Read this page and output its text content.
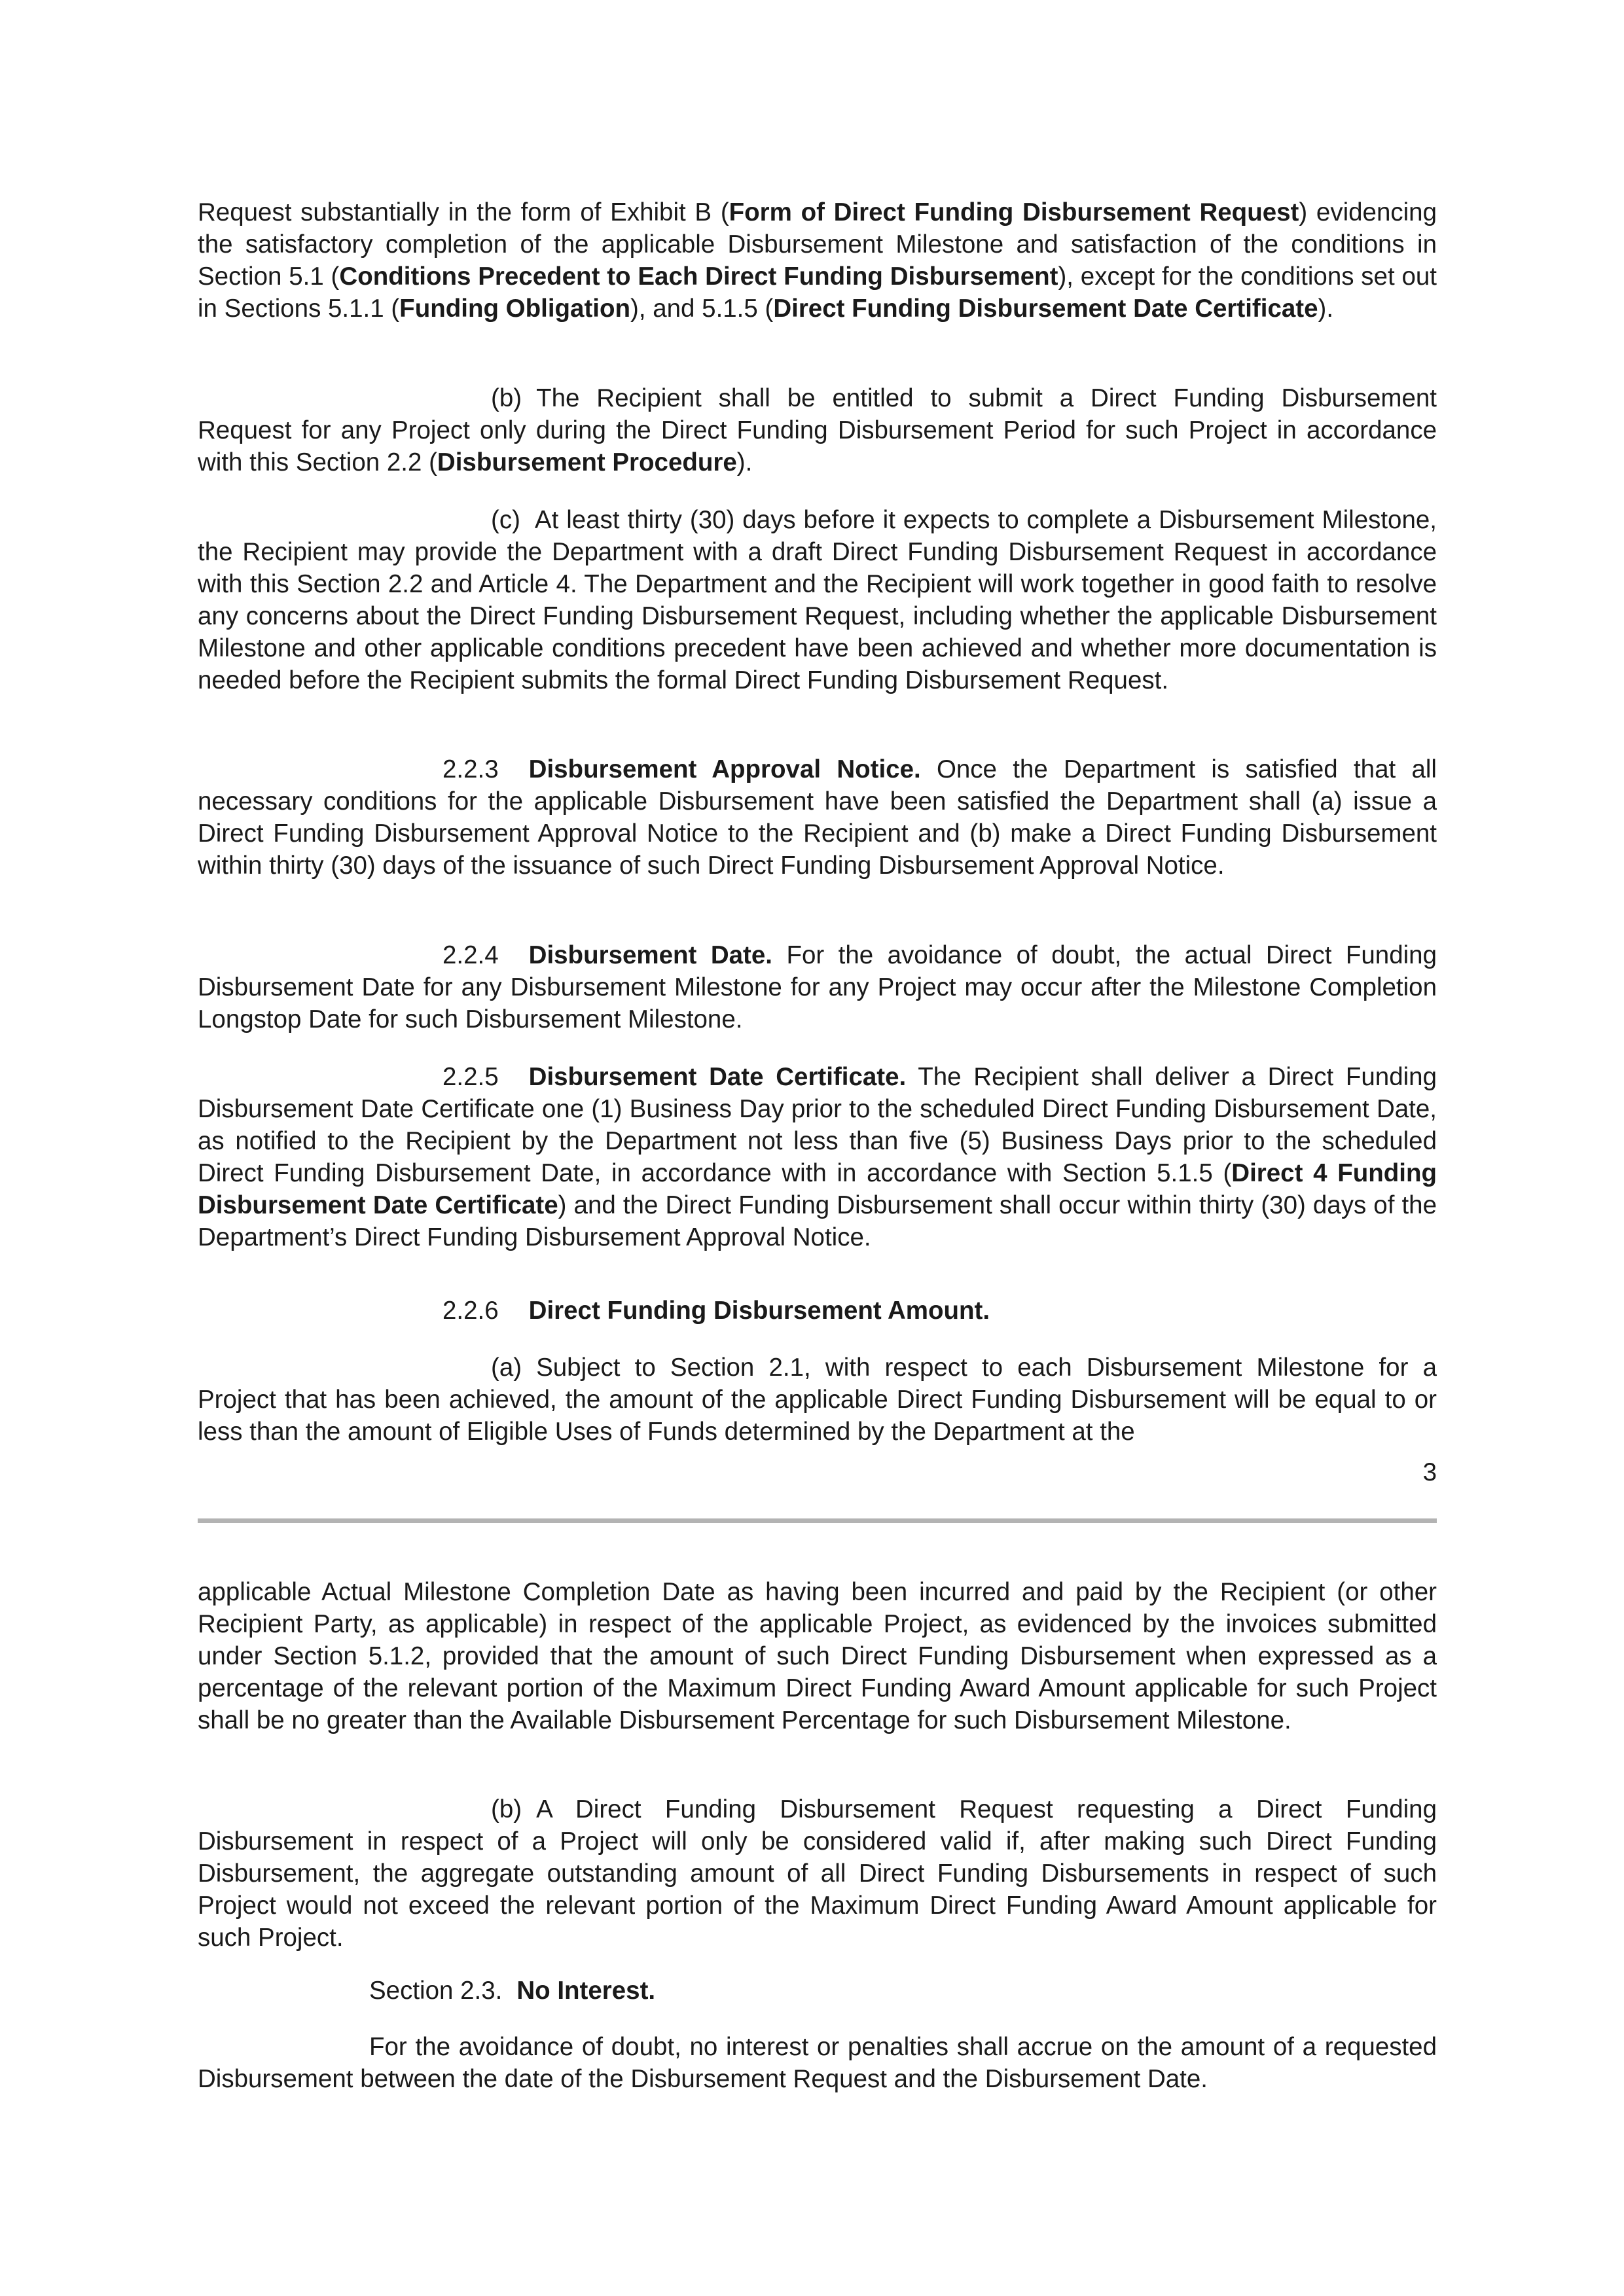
Request substantially in the form of Exhibit B (Form of Direct Funding Disbursement Request) evidencing the satisfactory completion of the applicable Disbursement Milestone and satisfaction of the conditions in Section 5.1 (Conditions Precedent to Each Direct Funding Disbursement), except for the conditions set out in Sections 5.1.1 (Funding Obligation), and 5.1.5 (Direct Funding Disbursement Date Certificate).

(b) The Recipient shall be entitled to submit a Direct Funding Disbursement Request for any Project only during the Direct Funding Disbursement Period for such Project in accordance with this Section 2.2 (Disbursement Procedure).

(c) At least thirty (30) days before it expects to complete a Disbursement Milestone, the Recipient may provide the Department with a draft Direct Funding Disbursement Request in accordance with this Section 2.2 and Article 4. The Department and the Recipient will work together in good faith to resolve any concerns about the Direct Funding Disbursement Request, including whether the applicable Disbursement Milestone and other applicable conditions precedent have been achieved and whether more documentation is needed before the Recipient submits the formal Direct Funding Disbursement Request.

2.2.3 Disbursement Approval Notice. Once the Department is satisfied that all necessary conditions for the applicable Disbursement have been satisfied the Department shall (a) issue a Direct Funding Disbursement Approval Notice to the Recipient and (b) make a Direct Funding Disbursement within thirty (30) days of the issuance of such Direct Funding Disbursement Approval Notice.

2.2.4 Disbursement Date. For the avoidance of doubt, the actual Direct Funding Disbursement Date for any Disbursement Milestone for any Project may occur after the Milestone Completion Longstop Date for such Disbursement Milestone.

2.2.5 Disbursement Date Certificate. The Recipient shall deliver a Direct Funding Disbursement Date Certificate one (1) Business Day prior to the scheduled Direct Funding Disbursement Date, as notified to the Recipient by the Department not less than five (5) Business Days prior to the scheduled Direct Funding Disbursement Date, in accordance with in accordance with Section 5.1.5 (Direct 4 Funding Disbursement Date Certificate) and the Direct Funding Disbursement shall occur within thirty (30) days of the Department’s Direct Funding Disbursement Approval Notice.

2.2.6 Direct Funding Disbursement Amount.

(a) Subject to Section 2.1, with respect to each Disbursement Milestone for a Project that has been achieved, the amount of the applicable Direct Funding Disbursement will be equal to or less than the amount of Eligible Uses of Funds determined by the Department at the

3

applicable Actual Milestone Completion Date as having been incurred and paid by the Recipient (or other Recipient Party, as applicable) in respect of the applicable Project, as evidenced by the invoices submitted under Section 5.1.2, provided that the amount of such Direct Funding Disbursement when expressed as a percentage of the relevant portion of the Maximum Direct Funding Award Amount applicable for such Project shall be no greater than the Available Disbursement Percentage for such Disbursement Milestone.

(b) A Direct Funding Disbursement Request requesting a Direct Funding Disbursement in respect of a Project will only be considered valid if, after making such Direct Funding Disbursement, the aggregate outstanding amount of all Direct Funding Disbursements in respect of such Project would not exceed the relevant portion of the Maximum Direct Funding Award Amount applicable for such Project.

Section 2.3. No Interest.

For the avoidance of doubt, no interest or penalties shall accrue on the amount of a requested Disbursement between the date of the Disbursement Request and the Disbursement Date.
